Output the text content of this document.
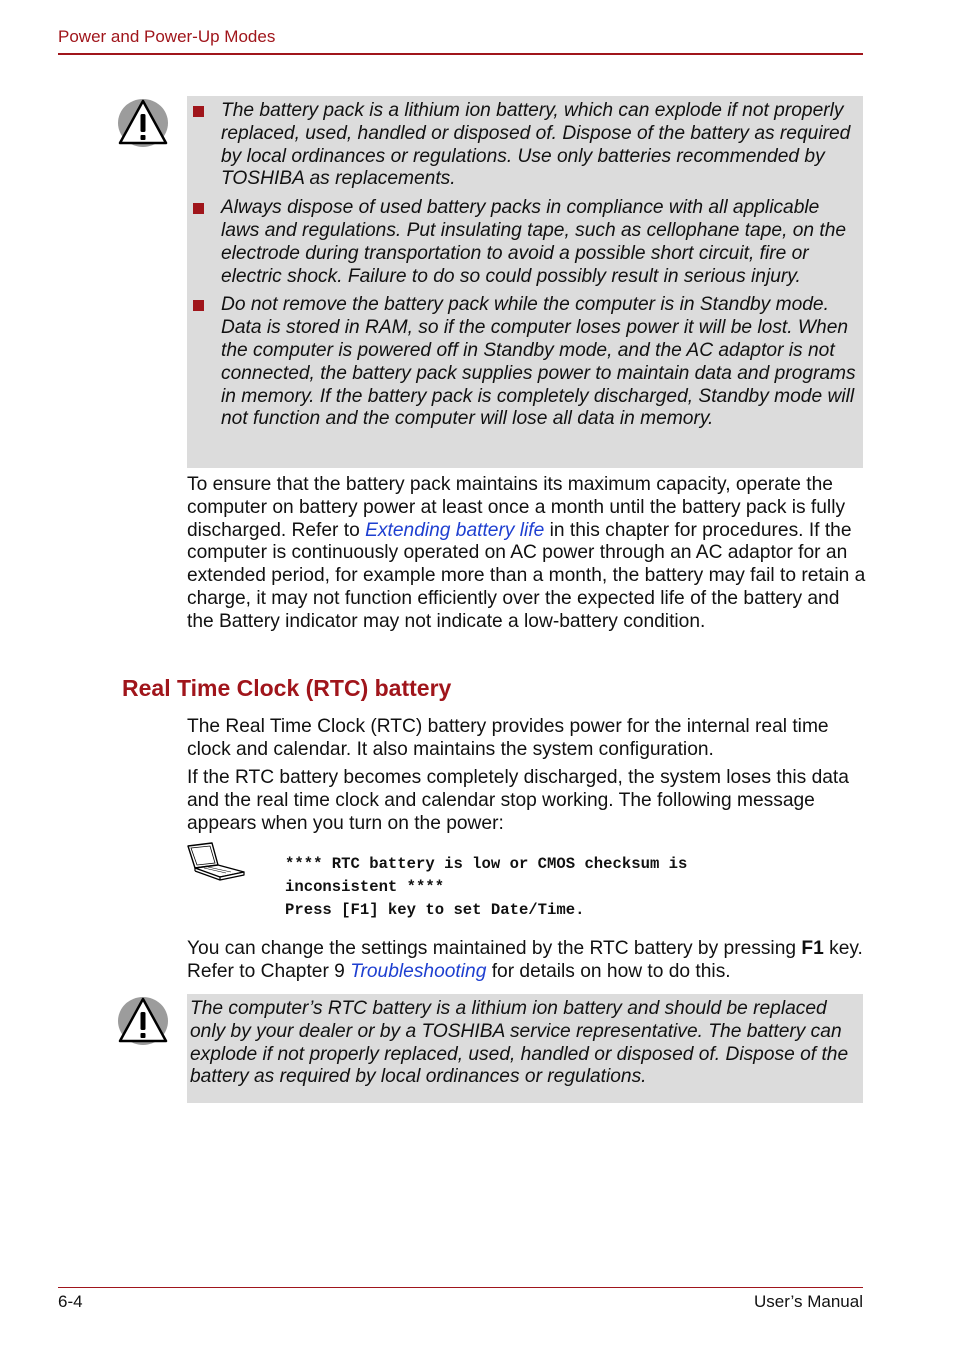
Power and Power-Up Modes
The battery pack is a lithium ion battery, which can explode if not properly replaced, used, handled or disposed of. Dispose of the battery as required by local ordinances or regulations. Use only batteries recommended by TOSHIBA as replacements.
Always dispose of used battery packs in compliance with all applicable laws and regulations. Put insulating tape, such as cellophane tape, on the electrode during transportation to avoid a possible short circuit, fire or electric shock. Failure to do so could possibly result in serious injury.
Do not remove the battery pack while the computer is in Standby mode. Data is stored in RAM, so if the computer loses power it will be lost. When the computer is powered off in Standby mode, and the AC adaptor is not connected, the battery pack supplies power to maintain data and programs in memory. If the battery pack is completely discharged, Standby mode will not function and the computer will lose all data in memory.
To ensure that the battery pack maintains its maximum capacity, operate the computer on battery power at least once a month until the battery pack is fully discharged. Refer to Extending battery life in this chapter for procedures. If the computer is continuously operated on AC power through an AC adaptor for an extended period, for example more than a month, the battery may fail to retain a charge, it may not function efficiently over the expected life of the battery and the Battery indicator may not indicate a low-battery condition.
Real Time Clock (RTC) battery
The Real Time Clock (RTC) battery provides power for the internal real time clock and calendar. It also maintains the system configuration.
If the RTC battery becomes completely discharged, the system loses this data and the real time clock and calendar stop working. The following message appears when you turn on the power:
**** RTC battery is low or CMOS checksum is
inconsistent ****
Press [F1] key to set Date/Time.
You can change the settings maintained by the RTC battery by pressing F1 key. Refer to Chapter 9 Troubleshooting for details on how to do this.
The computer’s RTC battery is a lithium ion battery and should be replaced only by your dealer or by a TOSHIBA service representative. The battery can explode if not properly replaced, used, handled or disposed of. Dispose of the battery as required by local ordinances or regulations.
6-4	User’s Manual
